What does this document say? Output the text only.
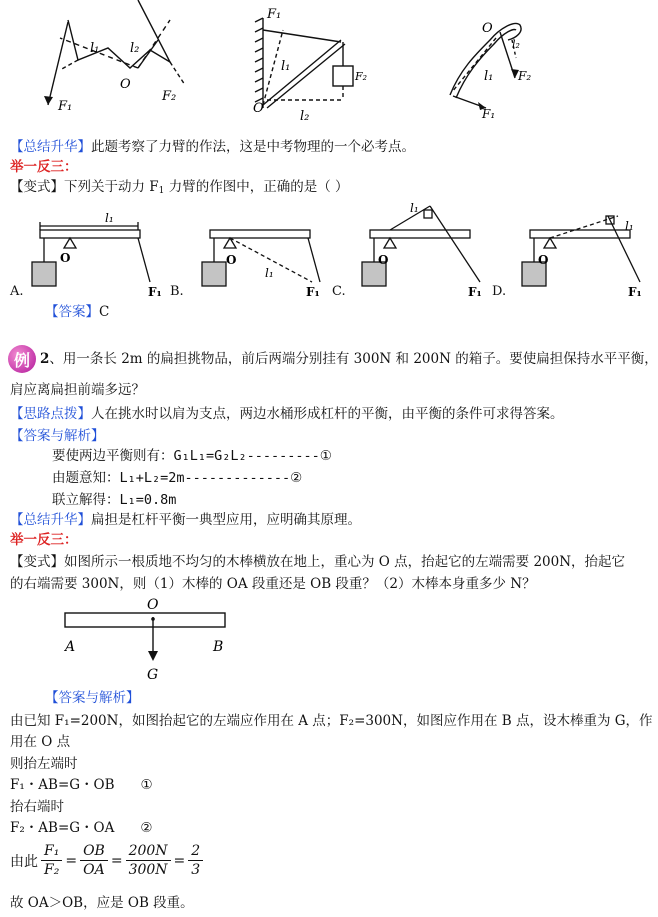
l₁ l₂
O
F₁
F₂
F₁
l₁
F₂
O
l₂
O
l₂
l₁ F₂
F₁
【总结升华】此题考察了力臂的作法，这是中考物理的一个必考点。
举一反三：
【变式】下列关于动力 $F_1$ 力臂的作图中，正确的是（ ）
l₁
O
F₁
A.
l₁
O
F₁
B.
l₁
O
F₁
C.
l₁
O
F₁
D.
【答案】C
例 2、用一条长 2m 的扁担挑物品，前后两端分别挂有 300N 和 200N 的箱子。要使扁担保持水平平衡，
肩应离扁担前端多远？
【思路点拨】人在挑水时以肩为支点，两边水桶形成杠杆的平衡，由平衡的条件可求得答案。
【答案与解析】
要使两边平衡则有：G₁L₁=G₂L₂---------①
由题意知：L₁+L₂=2m-------------②
联立解得：L₁=0.8m
【总结升华】扁担是杠杆平衡一典型应用，应明确其原理。
举一反三：
【变式】如图所示一根质地不均匀的木棒横放在地上，重心为 O 点，抬起它的左端需要 200N，抬起它
的右端需要 300N，则（1）木棒的 OA 段重还是 OB 段重？（2）木棒本身重多少 N？
O
A	B
G
【答案与解析】
由已知 F₁=200N，如图抬起它的左端应作用在 A 点；F₂=300N，如图应作用在 B 点，设木棒重为 G，作
用在 O 点
则抬左端时
F₁・AB=G・OB ①
抬右端时
F₂・AB=G・OA ②
由此 $\frac{\text{F₁}}{\text{F₂}} = \frac{OB}{OA} = \frac{200N}{300N} = \frac{2}{3}$
故 OA＞OB，应是 OB 段重。
